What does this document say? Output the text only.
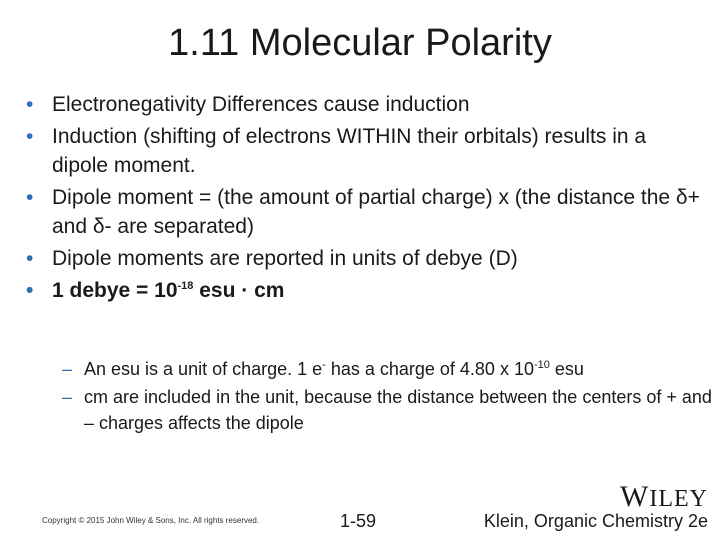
1.11 Molecular Polarity
• Electronegativity Differences cause induction
• Induction (shifting of electrons WITHIN their orbitals) results in a dipole moment.
• Dipole moment = (the amount of partial charge) x (the distance the δ+ and δ- are separated)
• Dipole moments are reported in units of debye (D)
• 1 debye = $10^{-18}$ esu · cm
– An esu is a unit of charge. 1 e- has a charge of 4.80 x $10^{-10}$ esu
– cm are included in the unit, because the distance between the centers of + and – charges affects the dipole
WILEY
Copyright © 2015 John Wiley & Sons, Inc. All rights reserved.	1-59	Klein, Organic Chemistry 2e
